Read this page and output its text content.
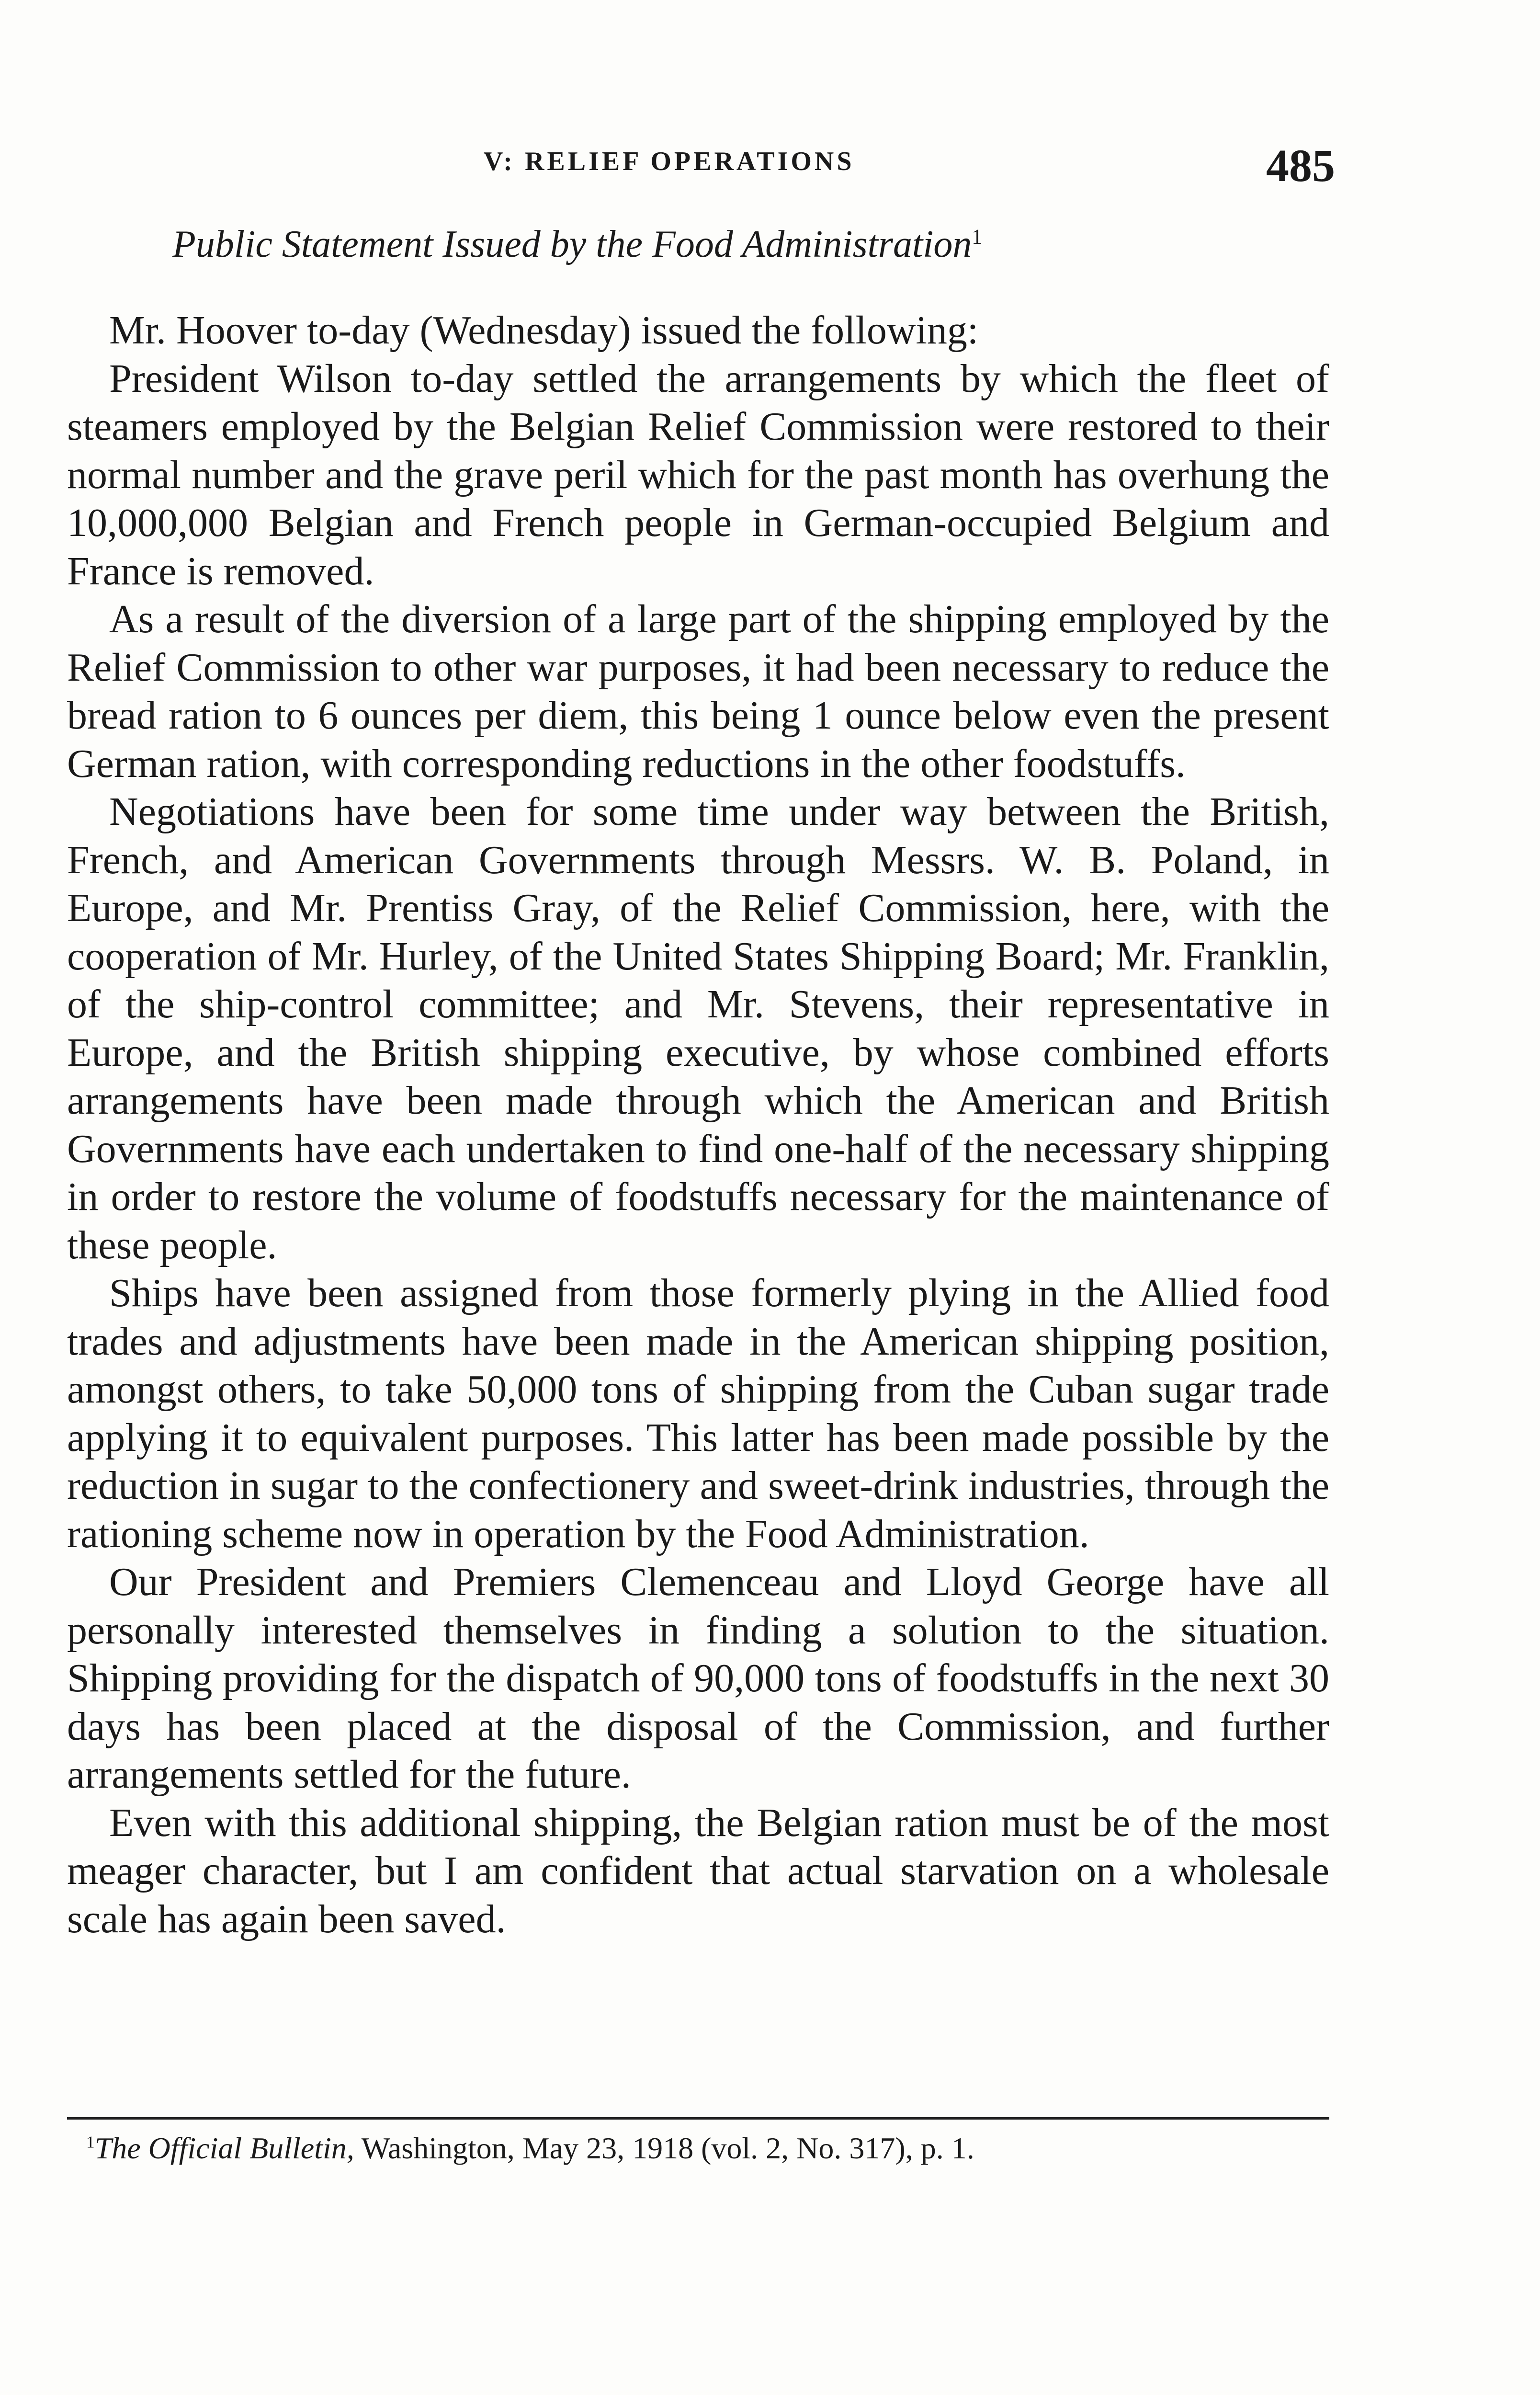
V: RELIEF OPERATIONS	485
Public Statement Issued by the Food Administration$^1$

Mr. Hoover to-day (Wednesday) issued the following:

President Wilson to-day settled the arrangements by which the fleet of steamers employed by the Belgian Relief Commission were restored to their normal number and the grave peril which for the past month has overhung the 10,000,000 Belgian and French people in German-occupied Belgium and France is removed.

As a result of the diversion of a large part of the shipping employed by the Relief Commission to other war purposes, it had been necessary to reduce the bread ration to 6 ounces per diem, this being 1 ounce below even the present German ration, with corresponding reductions in the other foodstuffs.

Negotiations have been for some time under way between the British, French, and American Governments through Messrs. W. B. Poland, in Europe, and Mr. Prentiss Gray, of the Relief Commission, here, with the cooperation of Mr. Hurley, of the United States Shipping Board; Mr. Franklin, of the ship-control committee; and Mr. Stevens, their representative in Europe, and the British shipping executive, by whose combined efforts arrangements have been made through which the American and British Governments have each undertaken to find one-half of the necessary shipping in order to restore the volume of foodstuffs necessary for the maintenance of these people.

Ships have been assigned from those formerly plying in the Allied food trades and adjustments have been made in the American shipping position, amongst others, to take 50,000 tons of shipping from the Cuban sugar trade applying it to equivalent purposes. This latter has been made possible by the reduction in sugar to the confectionery and sweet-drink industries, through the rationing scheme now in operation by the Food Administration.

Our President and Premiers Clemenceau and Lloyd George have all personally interested themselves in finding a solution to the situation. Shipping providing for the dispatch of 90,000 tons of foodstuffs in the next 30 days has been placed at the disposal of the Commission, and further arrangements settled for the future.

Even with this additional shipping, the Belgian ration must be of the most meager character, but I am confident that actual starvation on a wholesale scale has again been saved.

$^1$The Official Bulletin, Washington, May 23, 1918 (vol. 2, No. 317), p. 1.
